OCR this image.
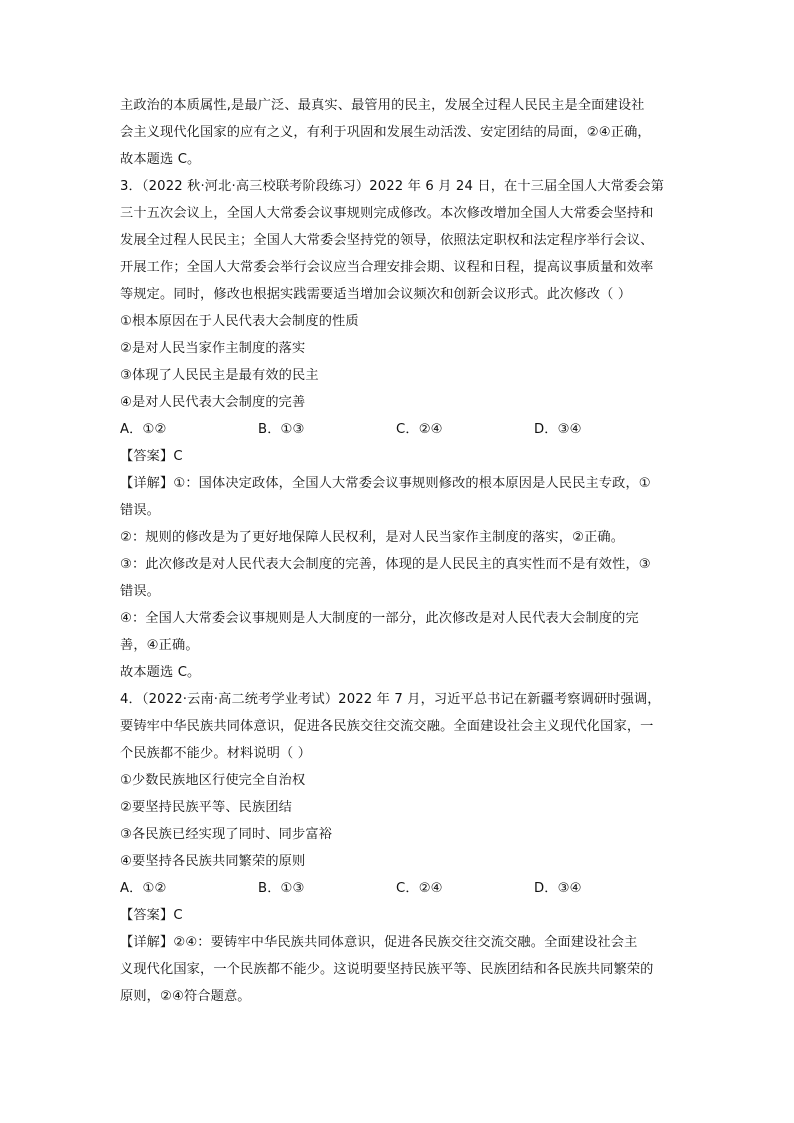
主政治的本质属性,是最广泛、最真实、最管用的民主，发展全过程人民民主是全面建设社
会主义现代化国家的应有之义，有利于巩固和发展生动活泼、安定团结的局面，②④正确，
故本题选 C。
3．（2022 秋·河北·高三校联考阶段练习）2022 年 6 月 24 日，在十三届全国人大常委会第
三十五次会议上，全国人大常委会议事规则完成修改。本次修改增加全国人大常委会坚持和
发展全过程人民民主；全国人大常委会坚持党的领导，依照法定职权和法定程序举行会议、
开展工作；全国人大常委会举行会议应当合理安排会期、议程和日程，提高议事质量和效率
等规定。同时，修改也根据实践需要适当增加会议频次和创新会议形式。此次修改（ ）
①根本原因在于人民代表大会制度的性质
②是对人民当家作主制度的落实
③体现了人民民主是最有效的民主
④是对人民代表大会制度的完善
A．①②	B．①③	C．②④	D．③④
【答案】C
【详解】①：国体决定政体，全国人大常委会议事规则修改的根本原因是人民民主专政，①
错误。
②：规则的修改是为了更好地保障人民权利，是对人民当家作主制度的落实，②正确。
③：此次修改是对人民代表大会制度的完善，体现的是人民民主的真实性而不是有效性，③
错误。
④：全国人大常委会议事规则是人大制度的一部分，此次修改是对人民代表大会制度的完
善，④正确。
故本题选 C。
4．（2022·云南·高二统考学业考试）2022 年 7 月，习近平总书记在新疆考察调研时强调，
要铸牢中华民族共同体意识，促进各民族交往交流交融。全面建设社会主义现代化国家，一
个民族都不能少。材料说明（ ）
①少数民族地区行使完全自治权
②要坚持民族平等、民族团结
③各民族已经实现了同时、同步富裕
④要坚持各民族共同繁荣的原则
A．①②	B．①③	C．②④	D．③④
【答案】C
【详解】②④：要铸牢中华民族共同体意识，促进各民族交往交流交融。全面建设社会主
义现代化国家，一个民族都不能少。这说明要坚持民族平等、民族团结和各民族共同繁荣的
原则，②④符合题意。
